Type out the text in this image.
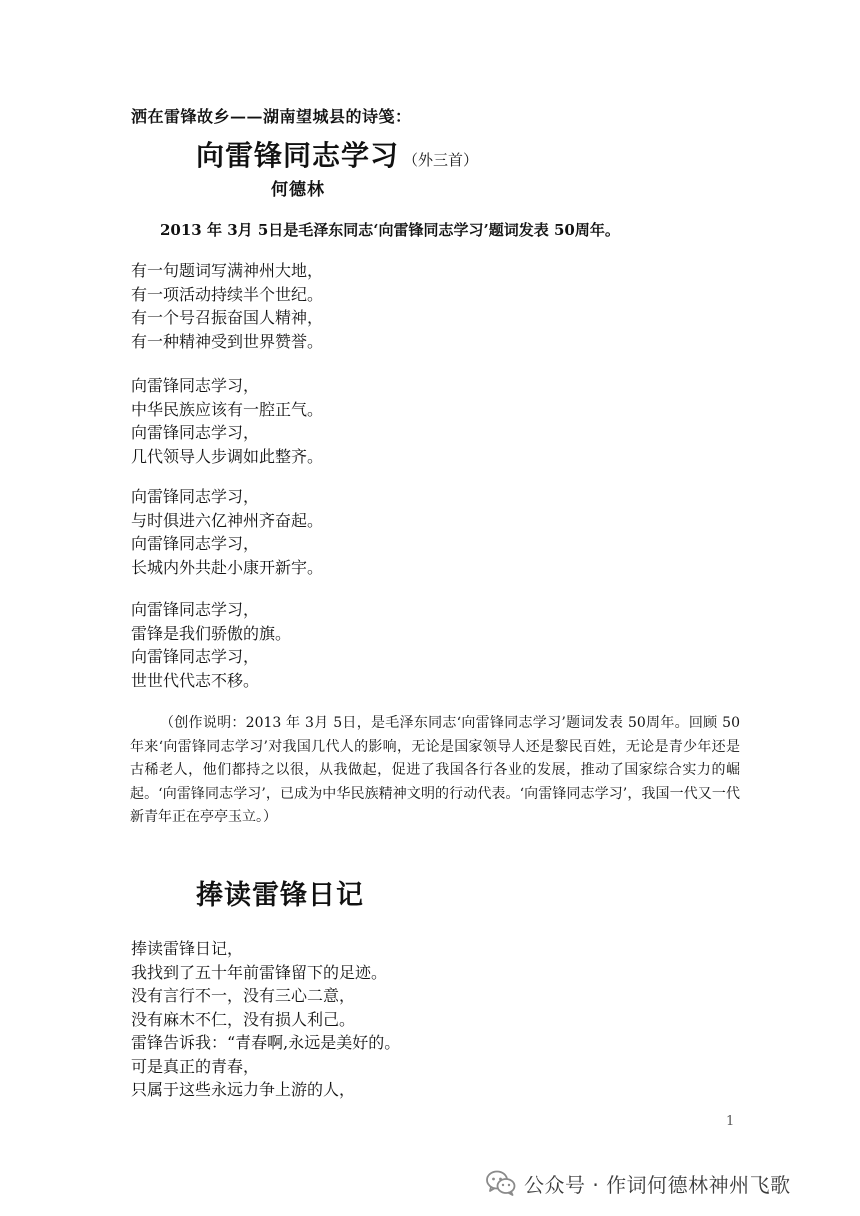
洒在雷锋故乡——湖南望城县的诗笺：
向雷锋同志学习 （外三首）
何德林
2013 年 3月 5日是毛泽东同志‘向雷锋同志学习’题词发表 50周年。
有一句题词写满神州大地，
有一项活动持续半个世纪。
有一个号召振奋国人精神，
有一种精神受到世界赞誉。
向雷锋同志学习，
中华民族应该有一腔正气。
向雷锋同志学习，
几代领导人步调如此整齐。
向雷锋同志学习，
与时俱进六亿神州齐奋起。
向雷锋同志学习，
长城内外共赴小康开新宇。
向雷锋同志学习，
雷锋是我们骄傲的旗。
向雷锋同志学习，
世世代代志不移。
（创作说明：2013 年 3月 5日，是毛泽东同志‘向雷锋同志学习’题词发表 50周年。回顾 50 年来‘向雷锋同志学习’对我国几代人的影响，无论是国家领导人还是黎民百姓，无论是青少年还是古稀老人，他们都持之以很，从我做起，促进了我国各行各业的发展，推动了国家综合实力的崛起。‘向雷锋同志学习’，已成为中华民族精神文明的行动代表。‘向雷锋同志学习’，我国一代又一代新青年正在亭亭玉立。）
捧读雷锋日记
捧读雷锋日记，
我找到了五十年前雷锋留下的足迹。
没有言行不一，没有三心二意，
没有麻木不仁，没有损人利己。
雷锋告诉我：“青春啊,永远是美好的。
可是真正的青春，
只属于这些永远力争上游的人，
1
公众号 · 作词何德林神州飞歌
